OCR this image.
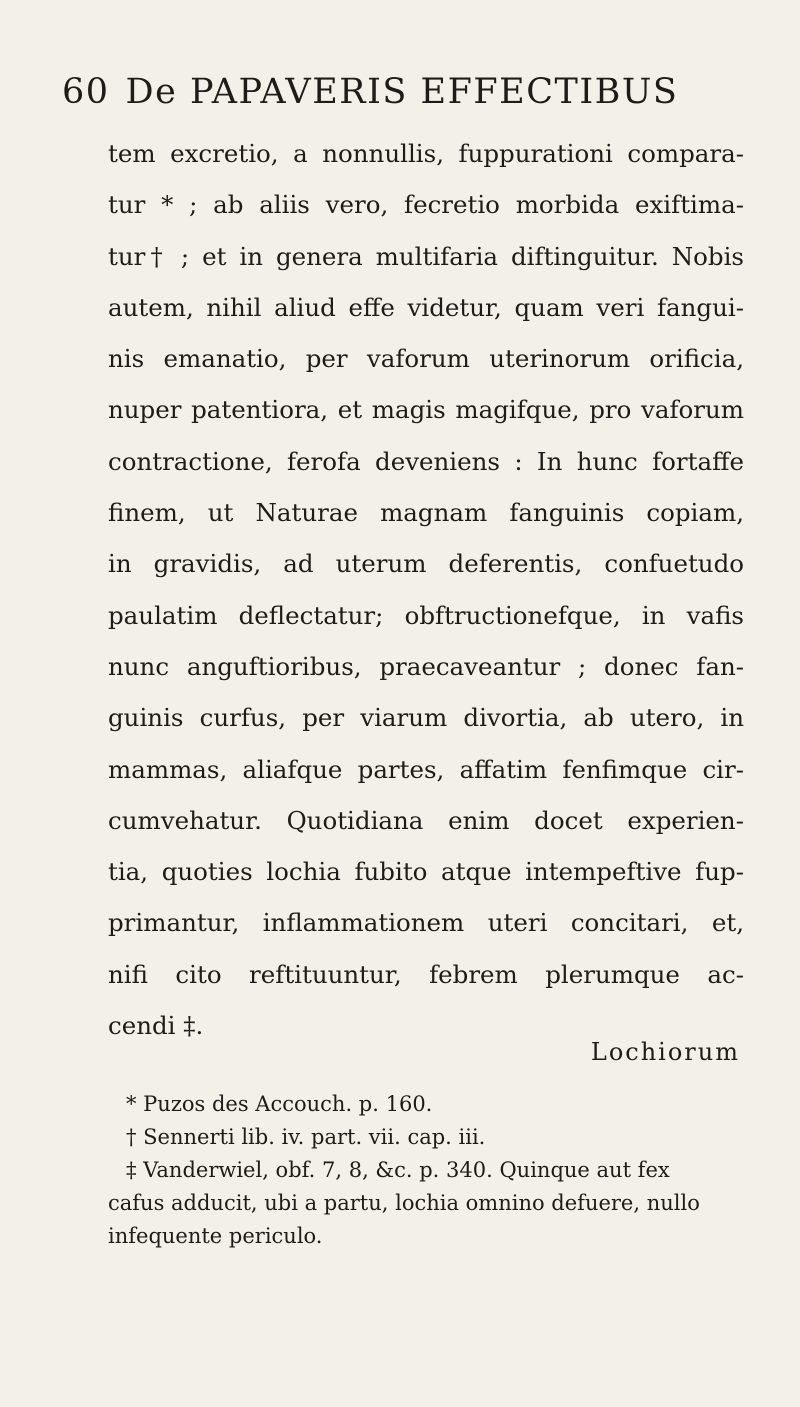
60 De PAPAVERIS EFFECTIBUS
tem excretio, a nonnullis, fuppurationi compara-
tur * ; ab aliis vero, fecretio morbida exiftima-
tur† ; et in genera multifaria diftinguitur. Nobis
autem, nihil aliud effe videtur, quam veri fangui-
nis emanatio, per vaforum uterinorum orificia,
nuper patentiora, et magis magifque, pro vaforum
contractione, ferofa deveniens : In hunc fortaffe
finem, ut Naturae magnam fanguinis copiam,
in gravidis, ad uterum deferentis, confuetudo
paulatim deflectatur; obftructionefque, in vafis
nunc anguftioribus, praecaveantur ; donec fan-
guinis curfus, per viarum divortia, ab utero, in
mammas, aliafque partes, affatim fenfimque cir-
cumvehatur. Quotidiana enim docet experien-
tia, quoties lochia fubito atque intempeftive fup-
primantur, inflammationem uteri concitari, et,
nifi cito reftituuntur, febrem plerumque ac-
cendi ‡.
Lochiorum
* Puzos des Accouch. p. 160.
† Sennerti lib. iv. part. vii. cap. iii.
‡ Vanderwiel, obf. 7, 8, &c. p. 340. Quinque aut fex
cafus adducit, ubi a partu, lochia omnino defuere, nullo
infequente periculo.
